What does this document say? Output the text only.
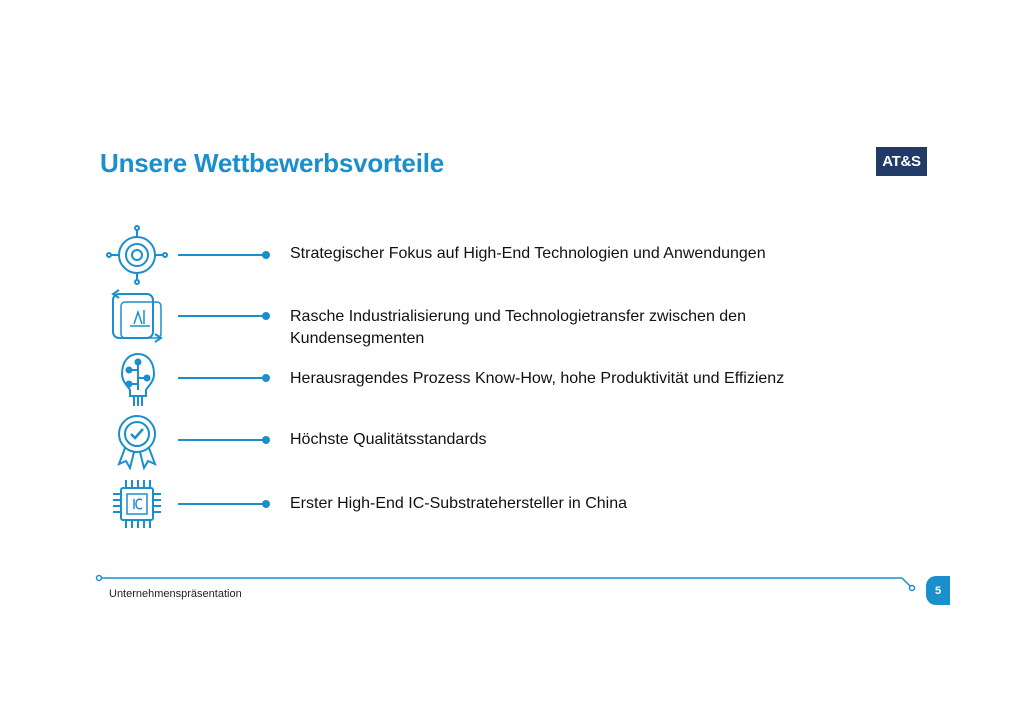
Unsere Wettbewerbsvorteile	AT&S
Strategischer Fokus auf High-End Technologien und Anwendungen
Rasche Industrialisierung und Technologietransfer zwischen den Kundensegmenten
Herausragendes Prozess Know-How, hohe Produktivität und Effizienz
Höchste Qualitätsstandards
Erster High-End IC-Substratehersteller in China
Unternehmenspräsentation	5
